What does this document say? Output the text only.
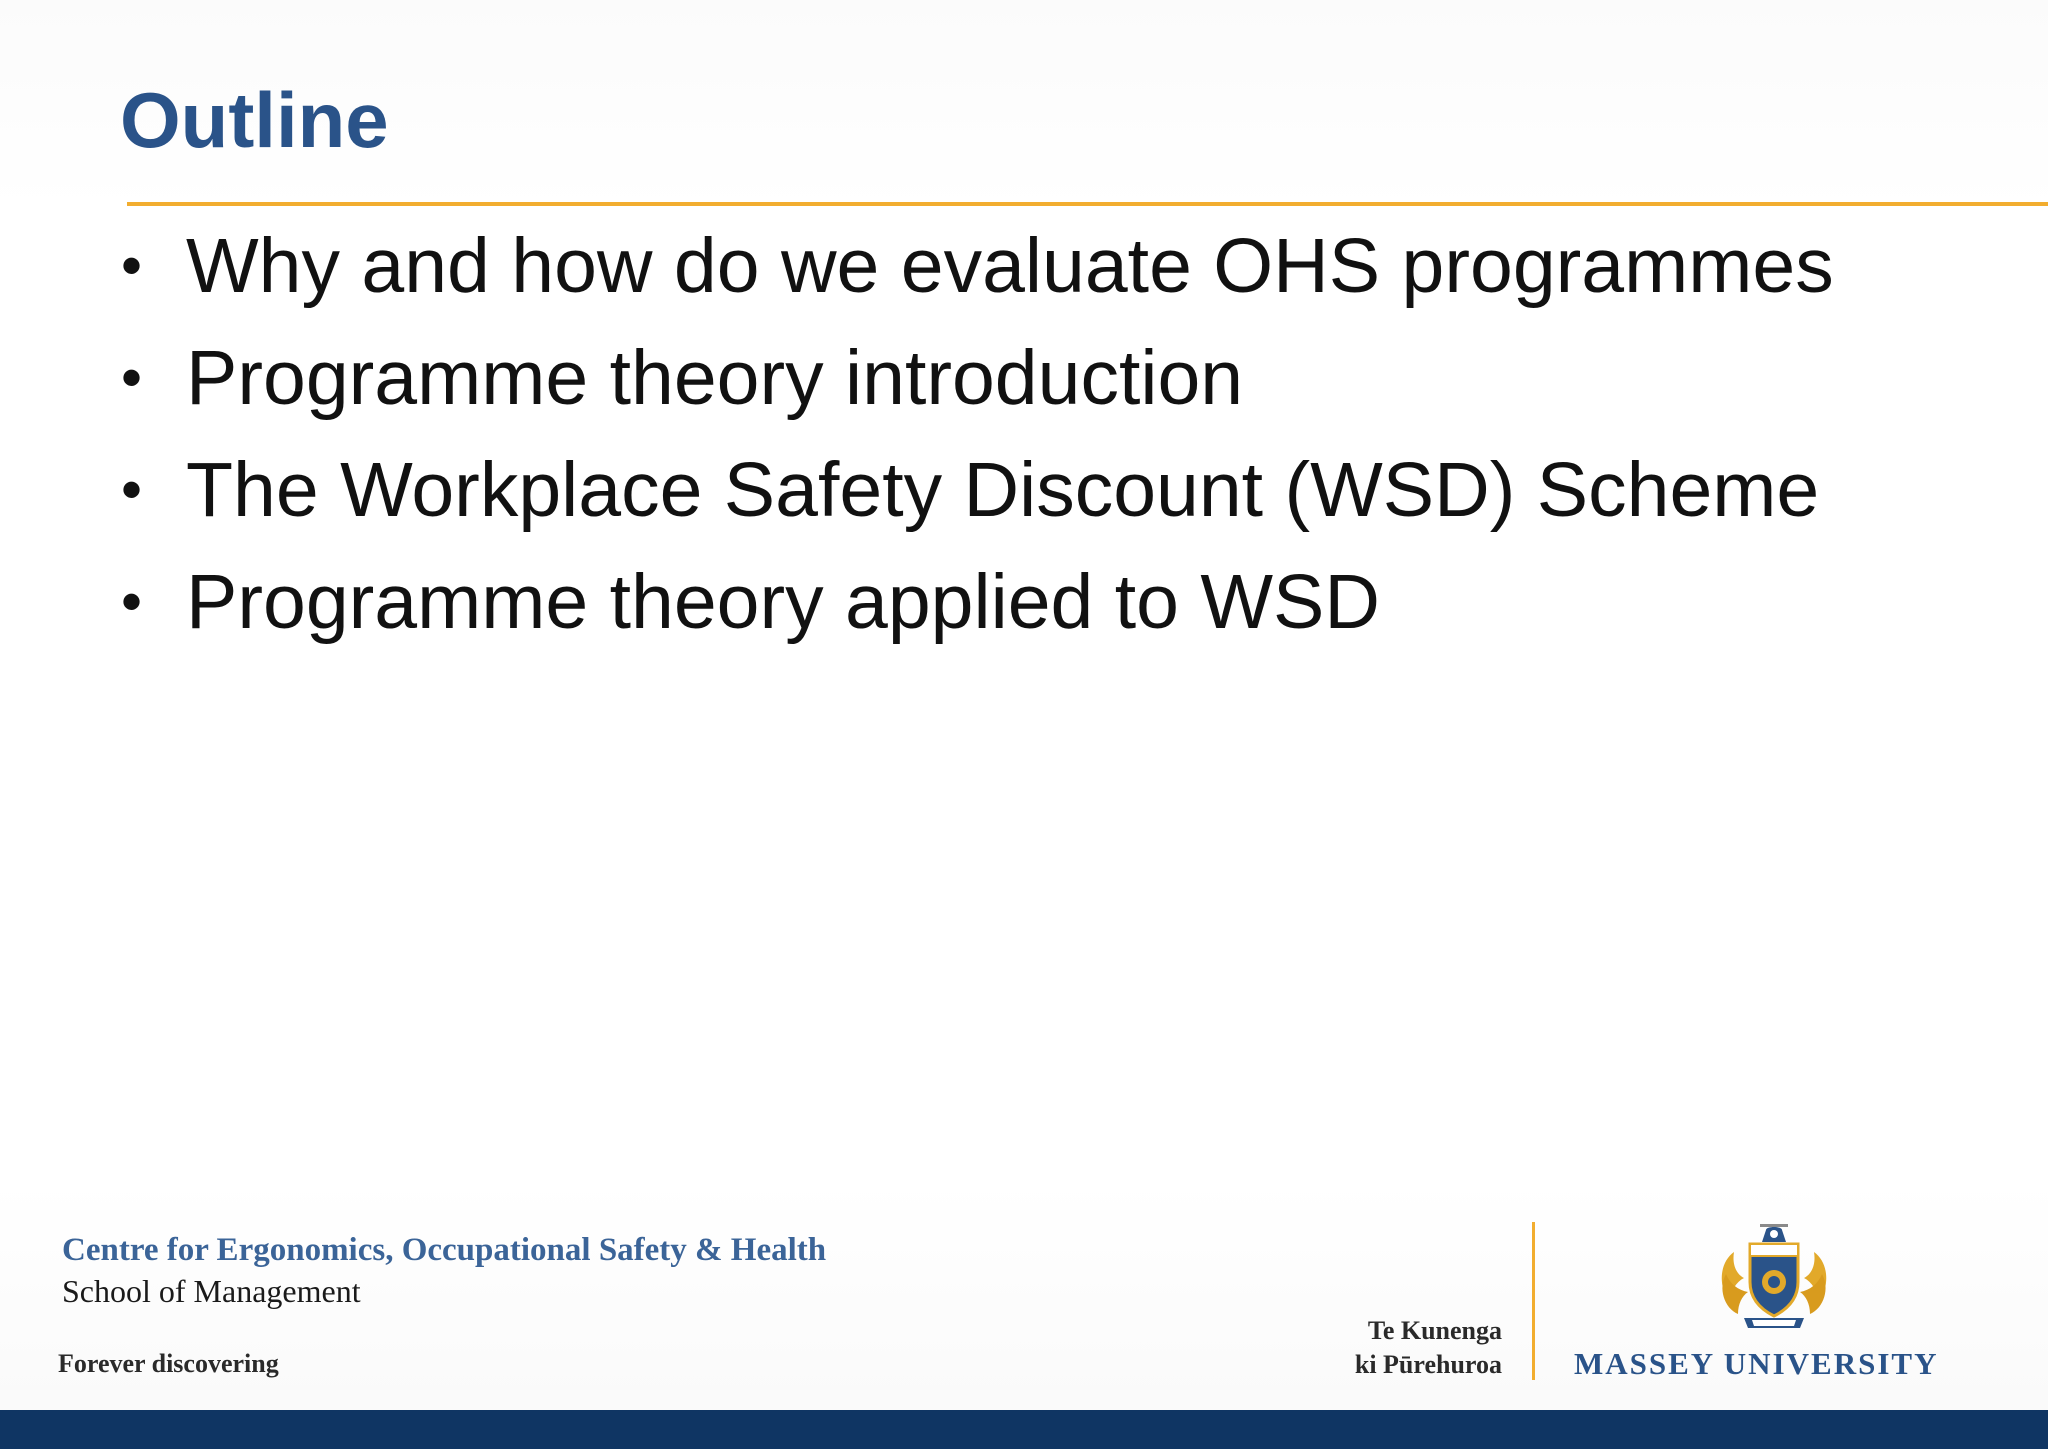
Outline
• Why and how do we evaluate OHS programmes
• Programme theory introduction
• The Workplace Safety Discount (WSD) Scheme
• Programme theory applied to WSD
Centre for Ergonomics, Occupational Safety & Health
School of Management
Forever discovering
Te Kunenga
ki Pūrehuroa MASSEY UNIVERSITY
